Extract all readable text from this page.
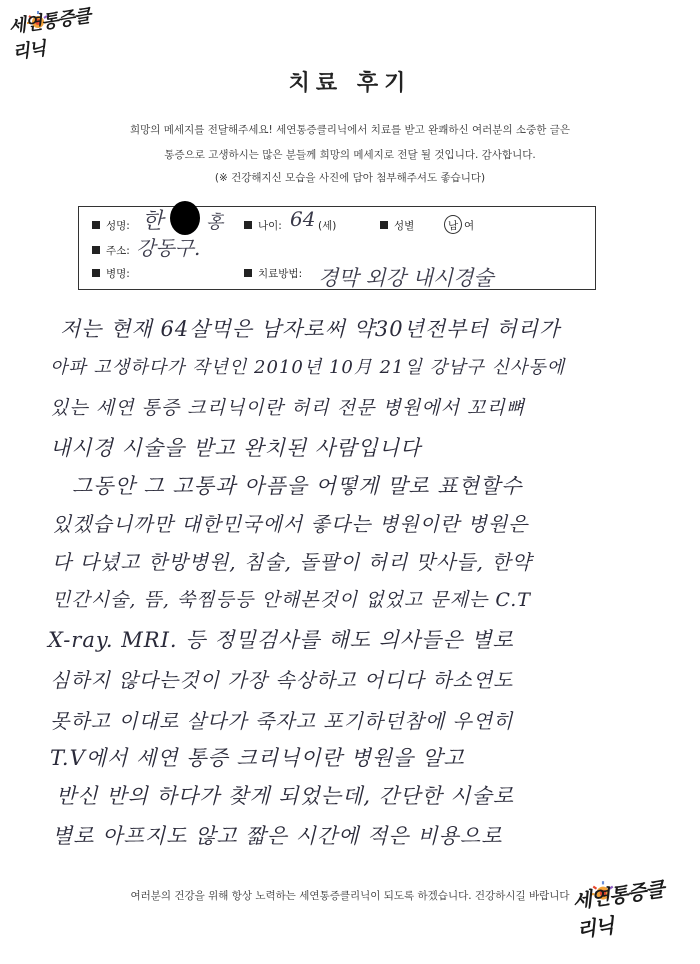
세연통증클리닉
치료 후기
희망의 메세지를 전달해주세요! 세연통증클리닉에서 치료를 받고 완쾌하신 여러분의 소중한 글은
통증으로 고생하시는 많은 분들께 희망의 메세지로 전달 될 것입니다. 감사합니다.
(※ 건강해지신 모습을 사진에 담아 첨부해주셔도 좋습니다)
성명: 한 홍	나이: 64 (세)	성별	남 여
주소: 강동구.
병명:	치료방법: 경막 외강 내시경술
저는 현재 64살먹은 남자로써 약30년전부터 허리가
아파 고생하다가 작년인 2010년 10月 21일 강남구 신사동에
있는 세연 통증 크리닉이란 허리 전문 병원에서 꼬리뼈
내시경 시술을 받고 완치된 사람입니다
그동안 그 고통과 아픔을 어떻게 말로 표현할수
있겠습니까만 대한민국에서 좋다는 병원이란 병원은
다 다녔고 한방병원, 침술, 돌팔이 허리 맛사들, 한약
민간시술, 뜸, 쑥찜등등 안해본것이 없었고 문제는 C.T
X-ray. MRI. 등 정밀검사를 해도 의사들은 별로
심하지 않다는것이 가장 속상하고 어디다 하소연도
못하고 이대로 살다가 죽자고 포기하던참에 우연히
T.V에서 세연 통증 크리닉이란 병원을 알고
반신 반의 하다가 찾게 되었는데, 간단한 시술로
별로 아프지도 않고 짧은 시간에 적은 비용으로
여러분의 건강을 위해 항상 노력하는 세연통증클리닉이 되도록 하겠습니다. 건강하시길 바랍니다 세연통증클리닉
